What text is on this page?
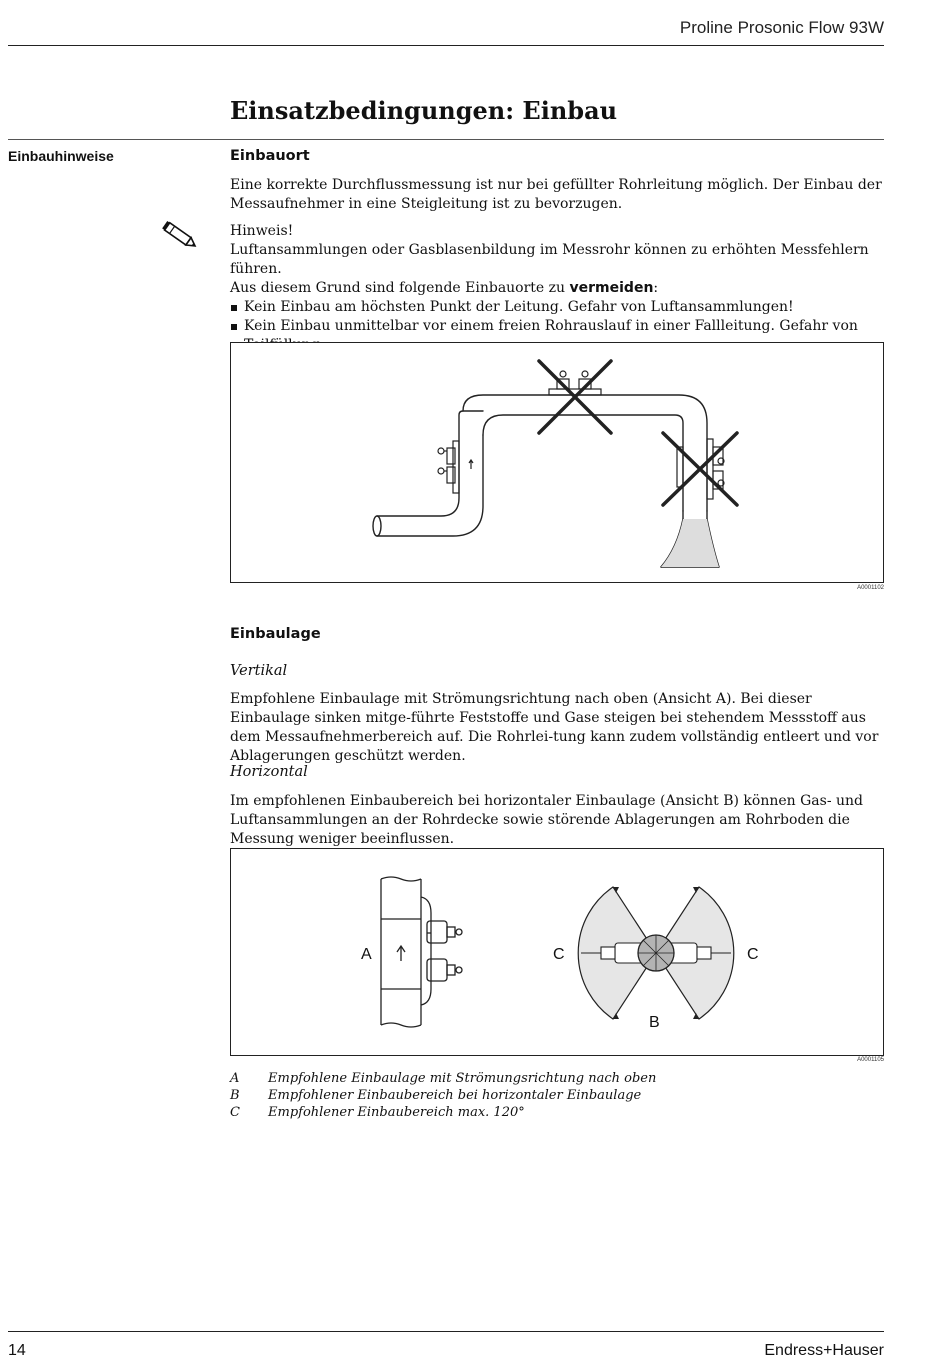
Proline Prosonic Flow 93W
Einsatzbedingungen: Einbau
Einbauhinweise	Einbauort
Eine korrekte Durchflussmessung ist nur bei gefüllter Rohrleitung möglich. Der Einbau der Messaufnehmer in eine Steigleitung ist zu bevorzugen.
Hinweis!
Luftansammlungen oder Gasblasenbildung im Messrohr können zu erhöhten Messfehlern führen.
Aus diesem Grund sind folgende Einbauorte zu vermeiden:
Kein Einbau am höchsten Punkt der Leitung. Gefahr von Luftansammlungen!
Kein Einbau unmittelbar vor einem freien Rohrauslauf in einer Fallleitung. Gefahr von
A0001102
Einbaulage
Vertikal
Empfohlene Einbaulage mit Strömungsrichtung nach oben (Ansicht A). Bei dieser Einbaulage sinken mitge-führte Feststoffe und Gase steigen bei stehendem Messstoff aus dem Messaufnehmerbereich auf. Die Rohrlei-tung kann zudem vollständig entleert und vor Ablagerungen geschützt werden.
Horizontal
Im empfohlenen Einbaubereich bei horizontaler Einbaulage (Ansicht B) können Gas- und Luftansammlungen an der Rohrdecke sowie störende Ablagerungen am Rohrboden die Messung weniger beeinflussen.
A	C	C
B
A0001105
A	Empfohlene Einbaulage mit Strömungsrichtung nach oben
B	Empfohlener Einbaubereich bei horizontaler Einbaulage
C	Empfohlener Einbaubereich max. 120°
14	Endress+Hauser
